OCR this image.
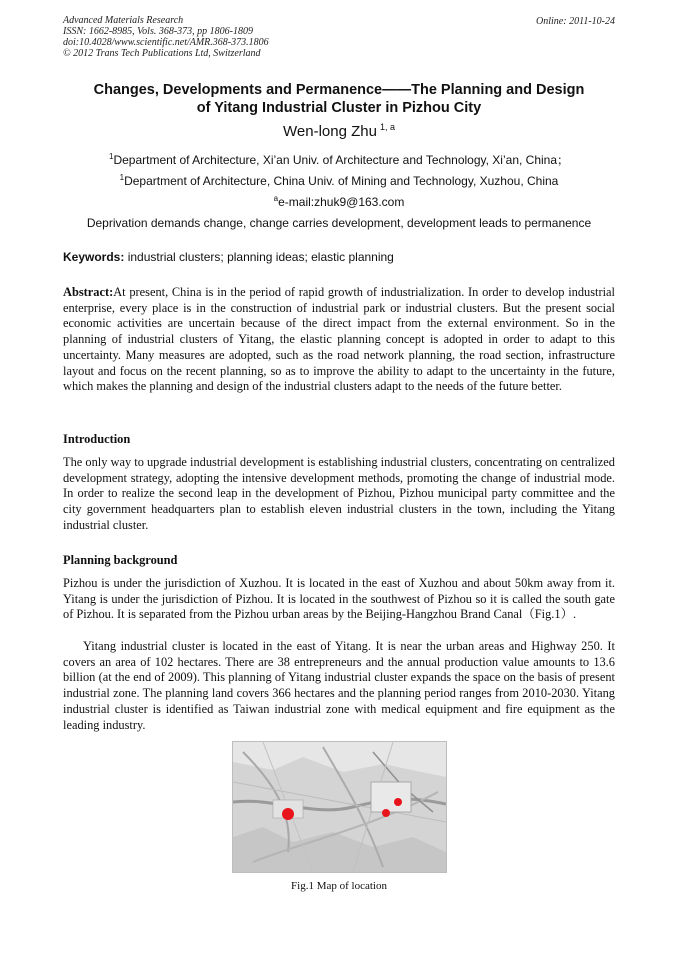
Advanced Materials Research
ISSN: 1662-8985, Vols. 368-373, pp 1806-1809
doi:10.4028/www.scientific.net/AMR.368-373.1806
© 2012 Trans Tech Publications Ltd, Switzerland
Online: 2011-10-24
Changes, Developments and Permanence——The Planning and Design
of Yitang Industrial Cluster in Pizhou City
Wen-long Zhu $^{1, a}$
$^1$Department of Architecture, Xi’an Univ. of Architecture and Technology, Xi’an, China；
$^1$Department of Architecture, China Univ. of Mining and Technology, Xuzhou, China
$^a$e-mail:zhuk9@163.com
Deprivation demands change, change carries development, development leads to permanence
Keywords: industrial clusters; planning ideas; elastic planning
Abstract:At present, China is in the period of rapid growth of industrialization. In order to develop industrial enterprise, every place is in the construction of industrial park or industrial clusters. But the present social economic activities are uncertain because of the direct impact from the external environment. So in the planning of industrial clusters of Yitang, the elastic planning concept is adopted in order to adapt to this uncertainty. Many measures are adopted, such as the road network planning, the road section, infrastructure layout and focus on the recent planning, so as to improve the ability to adapt to the uncertainty in the future, which makes the planning and design of the industrial clusters adapt to the needs of the future better.
Introduction
The only way to upgrade industrial development is establishing industrial clusters, concentrating on centralized development strategy, adopting the intensive development methods, promoting the change of industrial mode. In order to realize the second leap in the development of Pizhou, Pizhou municipal party committee and the city government headquarters plan to establish eleven industrial clusters in the town, including the Yitang industrial cluster.
Planning background
Pizhou is under the jurisdiction of Xuzhou. It is located in the east of Xuzhou and about 50km away from it. Yitang is under the jurisdiction of Pizhou. It is located in the southwest of Pizhou so it is called the south gate of Pizhou. It is separated from the Pizhou urban areas by the Beijing-Hangzhou Brand Canal（Fig.1）.
Yitang industrial cluster is located in the east of Yitang. It is near the urban areas and Highway 250. It covers an area of 102 hectares. There are 38 entrepreneurs and the annual production value amounts to 13.6 billion (at the end of 2009). This planning of Yitang industrial cluster expands the space on the basis of present industrial zone. The planning land covers 366 hectares and the planning period ranges from 2010-2030. Yitang industrial cluster is identified as Taiwan industrial zone with medical equipment and fire equipment as the leading industry.
Fig.1 Map of location
